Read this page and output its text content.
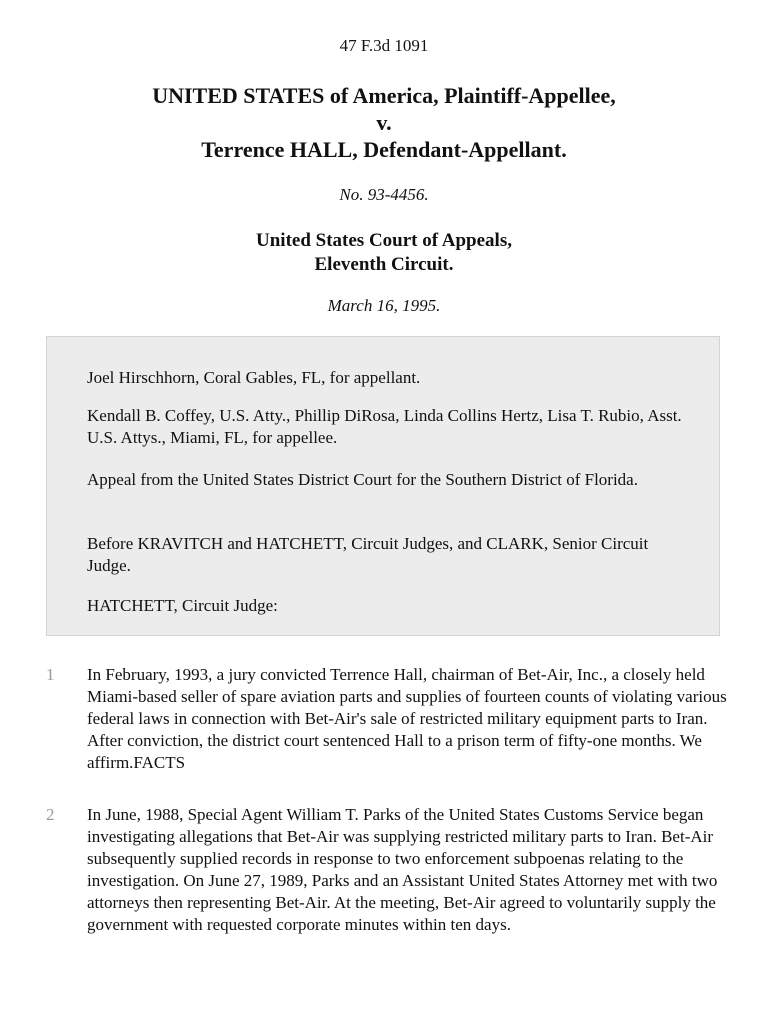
47 F.3d 1091
UNITED STATES of America, Plaintiff-Appellee,
v.
Terrence HALL, Defendant-Appellant.
No. 93-4456.
United States Court of Appeals,
Eleventh Circuit.
March 16, 1995.

Joel Hirschhorn, Coral Gables, FL, for appellant.

Kendall B. Coffey, U.S. Atty., Phillip DiRosa, Linda Collins Hertz, Lisa T. Rubio, Asst. U.S. Attys., Miami, FL, for appellee.

Appeal from the United States District Court for the Southern District of Florida.

Before KRAVITCH and HATCHETT, Circuit Judges, and CLARK, Senior Circuit Judge.

HATCHETT, Circuit Judge:

1 In February, 1993, a jury convicted Terrence Hall, chairman of Bet-Air, Inc., a closely held Miami-based seller of spare aviation parts and supplies of fourteen counts of violating various federal laws in connection with Bet-Air's sale of restricted military equipment parts to Iran. After conviction, the district court sentenced Hall to a prison term of fifty-one months. We affirm.FACTS
2 In June, 1988, Special Agent William T. Parks of the United States Customs Service began investigating allegations that Bet-Air was supplying restricted military parts to Iran. Bet-Air subsequently supplied records in response to two enforcement subpoenas relating to the investigation. On June 27, 1989, Parks and an Assistant United States Attorney met with two attorneys then representing Bet-Air. At the meeting, Bet-Air agreed to voluntarily supply the government with requested corporate minutes within ten days.
